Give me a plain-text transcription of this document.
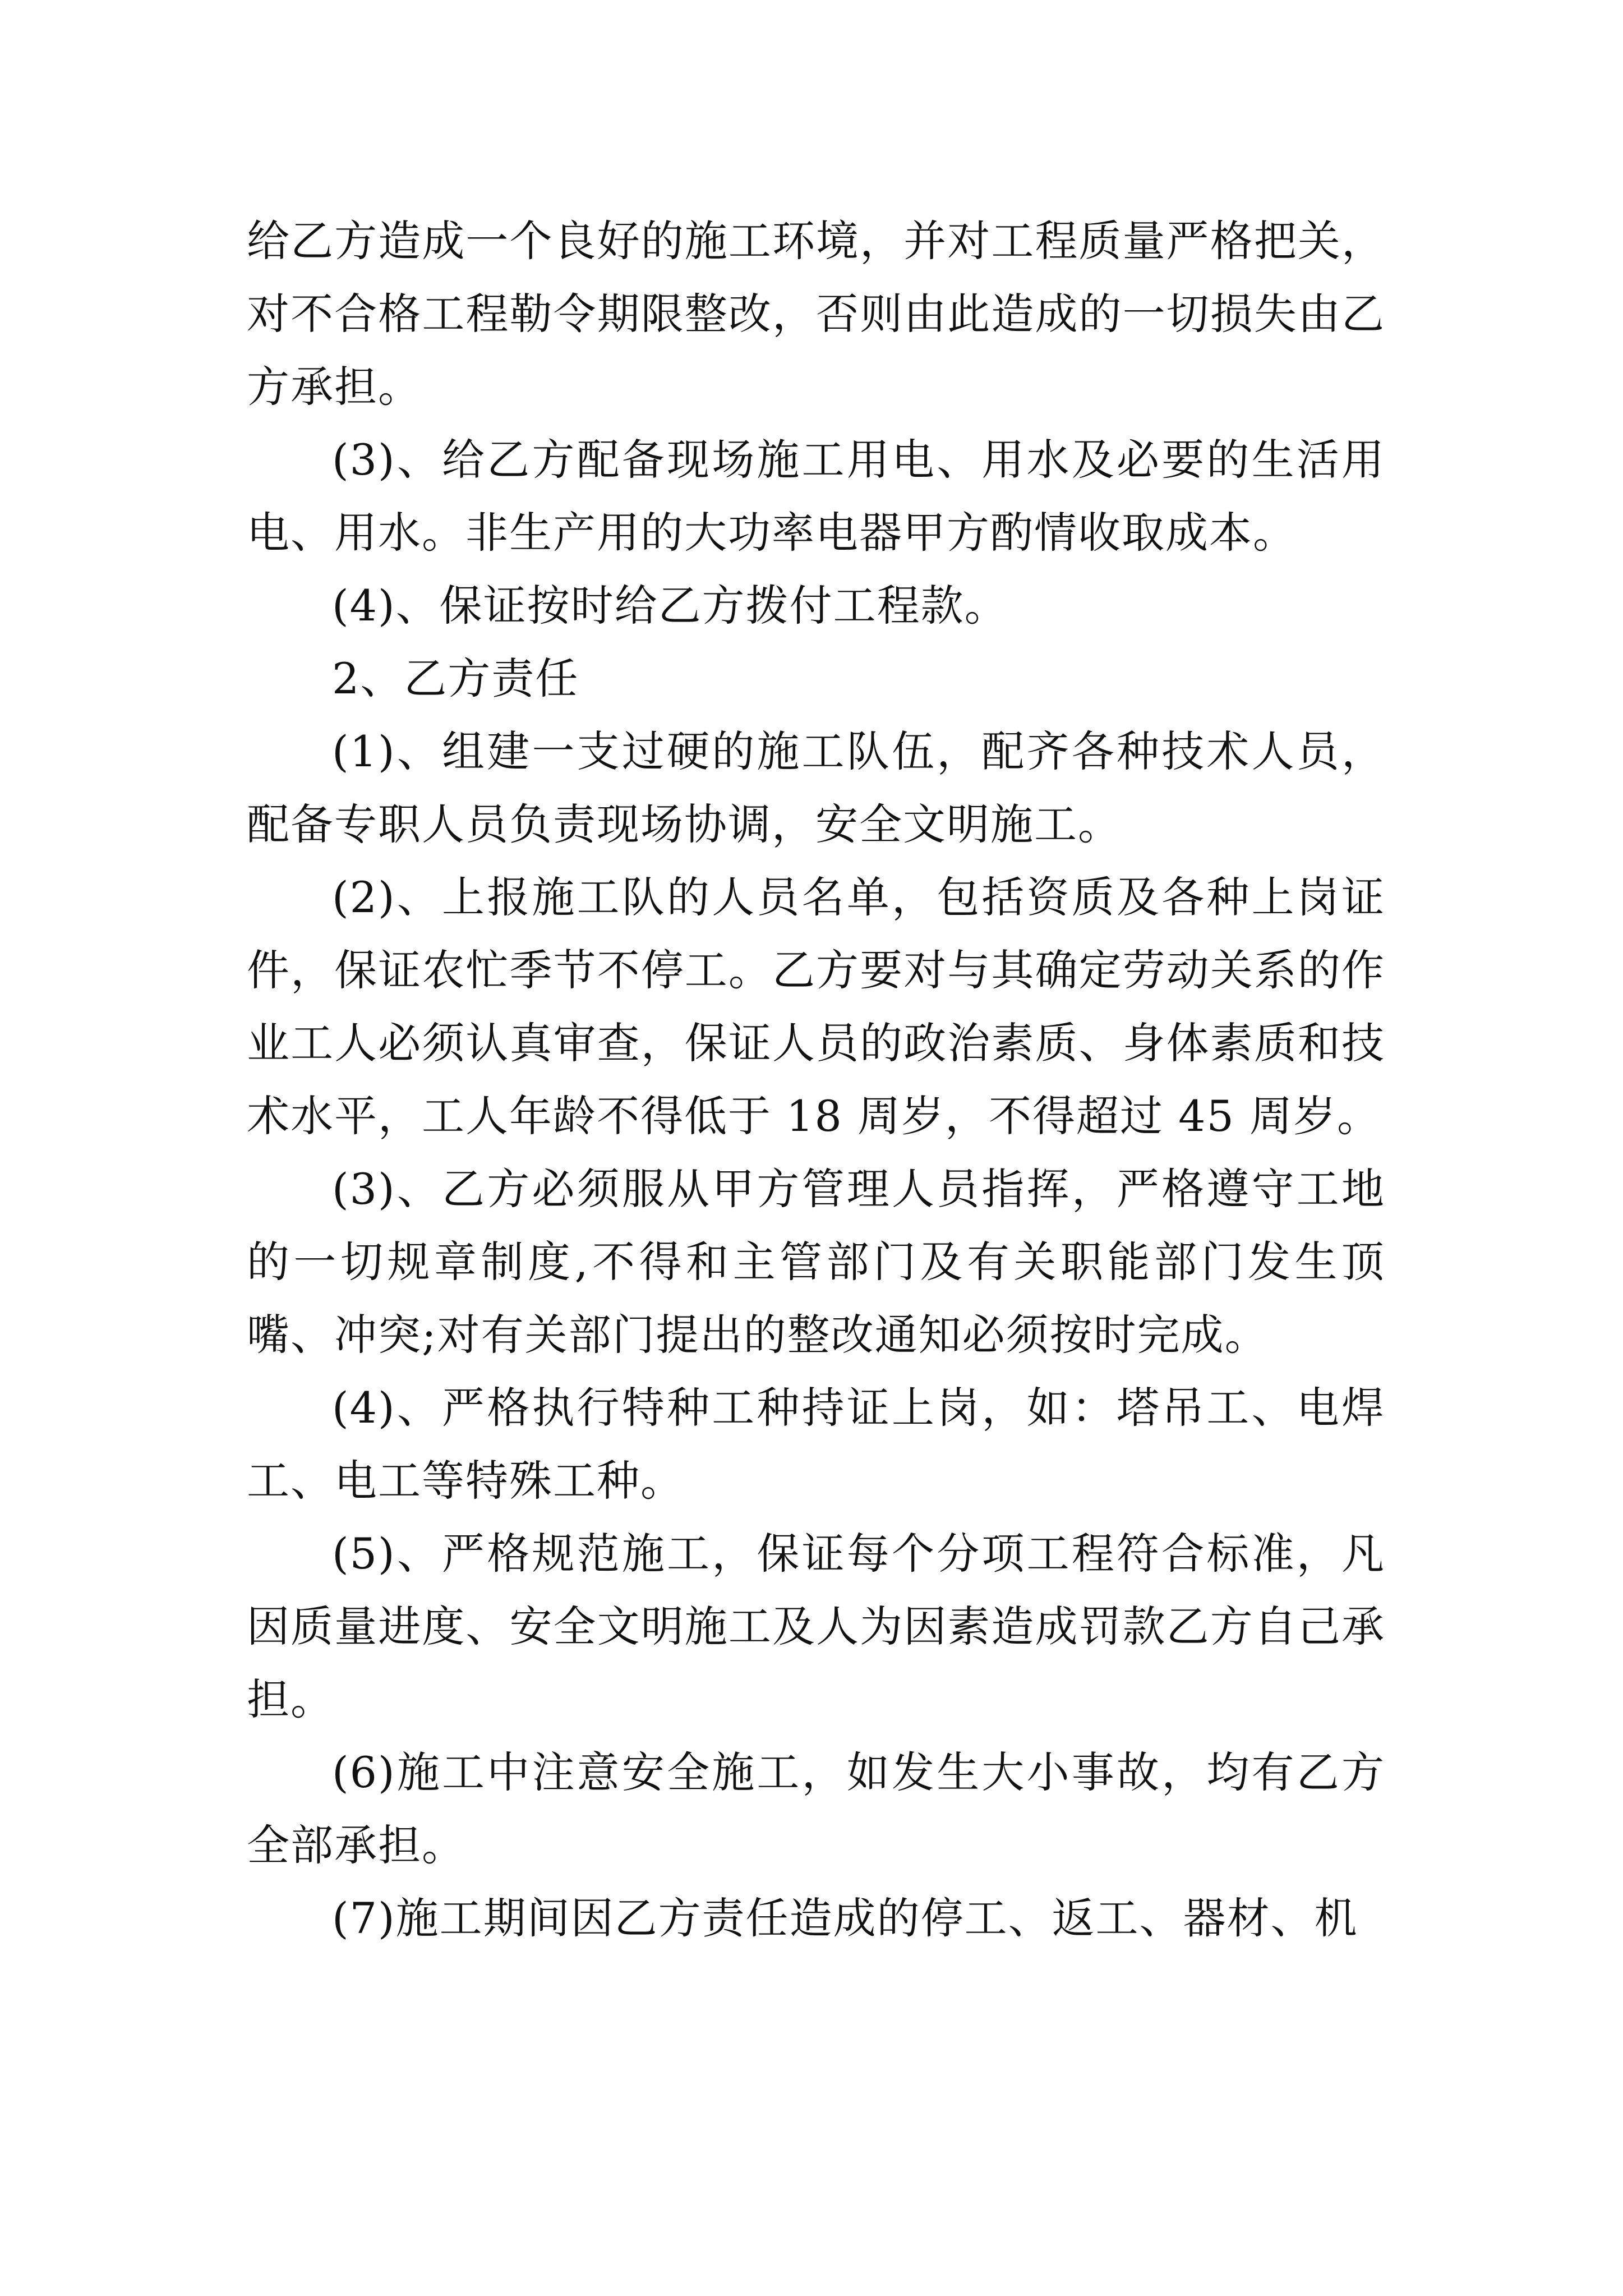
给乙方造成一个良好的施工环境，并对工程质量严格把关，对不合格工程勒令期限整改，否则由此造成的一切损失由乙方承担。

(3)、给乙方配备现场施工用电、用水及必要的生活用电、用水。非生产用的大功率电器甲方酌情收取成本。

(4)、保证按时给乙方拨付工程款。

2、乙方责任

(1)、组建一支过硬的施工队伍，配齐各种技术人员，配备专职人员负责现场协调，安全文明施工。

(2)、上报施工队的人员名单，包括资质及各种上岗证件，保证农忙季节不停工。乙方要对与其确定劳动关系的作业工人必须认真审查，保证人员的政治素质、身体素质和技术水平，工人年龄不得低于 18 周岁，不得超过 45 周岁。

(3)、乙方必须服从甲方管理人员指挥，严格遵守工地的一切规章制度,不得和主管部门及有关职能部门发生顶嘴、冲突;对有关部门提出的整改通知必须按时完成。

(4)、严格执行特种工种持证上岗，如：塔吊工、电焊工、电工等特殊工种。

(5)、严格规范施工，保证每个分项工程符合标准，凡因质量进度、安全文明施工及人为因素造成罚款乙方自己承担。

(6)施工中注意安全施工，如发生大小事故，均有乙方全部承担。

(7)施工期间因乙方责任造成的停工、返工、器材、机
